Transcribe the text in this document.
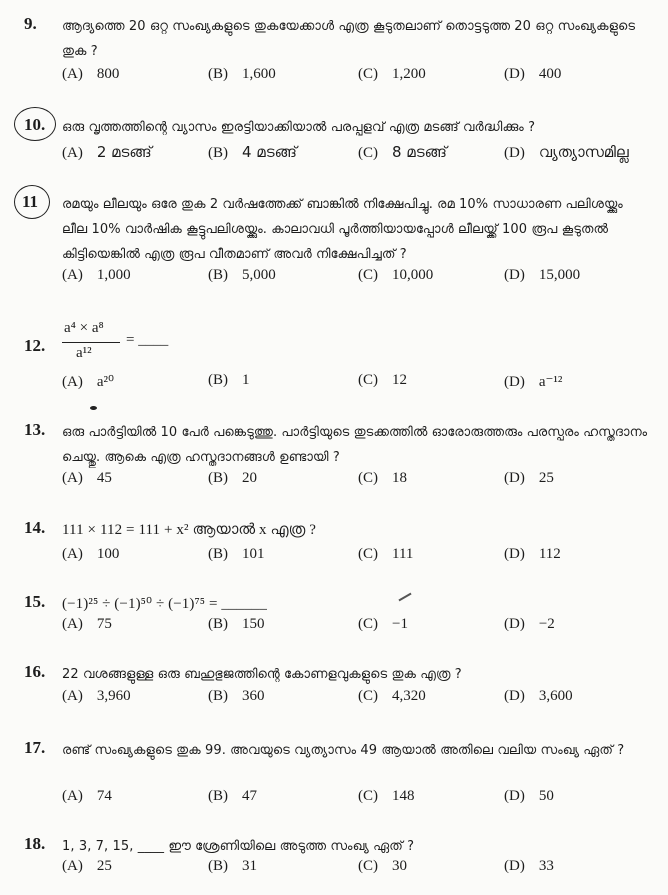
9. ആദ്യത്തെ 20 ഒറ്റ സംഖ്യകളുടെ തുകയേക്കാൾ എത്ര കൂടുതലാണ് തൊട്ടടുത്ത 20 ഒറ്റ സംഖ്യകളുടെ തുക ?
(A) 800	(B) 1,600	(C) 1,200	(D) 400
10. ഒരു വൃത്തത്തിന്റെ വ്യാസം ഇരട്ടിയാക്കിയാൽ പരപ്പളവ് എത്ര മടങ്ങ് വർദ്ധിക്കും ?
(A) 2 മടങ്ങ്	(B) 4 മടങ്ങ്	(C) 8 മടങ്ങ്	(D) വ്യത്യാസമില്ല
11 രമയും ലീലയും ഒരേ തുക 2 വർഷത്തേക്ക് ബാങ്കിൽ നിക്ഷേപിച്ചു. രമ 10% സാധാരണ പലിശയ്ക്കും ലീല 10% വാർഷിക കൂട്ടുപലിശയ്ക്കും. കാലാവധി പൂർത്തിയായപ്പോൾ ലീലയ്ക്ക് 100 രൂപ കൂടുതൽ കിട്ടിയെങ്കിൽ എത്ര രൂപ വീതമാണ് അവർ നിക്ഷേപിച്ചത് ?
(A) 1,000	(B) 5,000	(C) 10,000	(D) 15,000
12.
a⁴ × a⁸
a¹²
= ____
(A) a²⁰	(B) 1	(C) 12	(D) a⁻¹²
13. ഒരു പാർട്ടിയിൽ 10 പേർ പങ്കെടുത്തു. പാർട്ടിയുടെ തുടക്കത്തിൽ ഓരോരുത്തരും പരസ്പരം ഹസ്തദാനം ചെയ്തു. ആകെ എത്ര ഹസ്തദാനങ്ങൾ ഉണ്ടായി ?
(A) 45	(B) 20	(C) 18	(D) 25
14. 111 × 112 = 111 + x² ആയാൽ x എത്ര ?
(A) 100	(B) 101	(C) 111	(D) 112
15. (−1)²⁵ ÷ (−1)⁵⁰ ÷ (−1)⁷⁵ = ______
(A) 75	(B) 150	(C) −1	(D) −2
16. 22 വശങ്ങളുള്ള ഒരു ബഹുഭുജത്തിന്റെ കോണളവുകളുടെ തുക എത്ര ?
(A) 3,960	(B) 360	(C) 4,320	(D) 3,600
17. രണ്ട് സംഖ്യകളുടെ തുക 99. അവയുടെ വ്യത്യാസം 49 ആയാൽ അതിലെ വലിയ സംഖ്യ ഏത് ?
(A) 74	(B) 47	(C) 148	(D) 50
18. 1, 3, 7, 15, ____ ഈ ശ്രേണിയിലെ അടുത്ത സംഖ്യ ഏത് ?
(A) 25	(B) 31	(C) 30	(D) 33
